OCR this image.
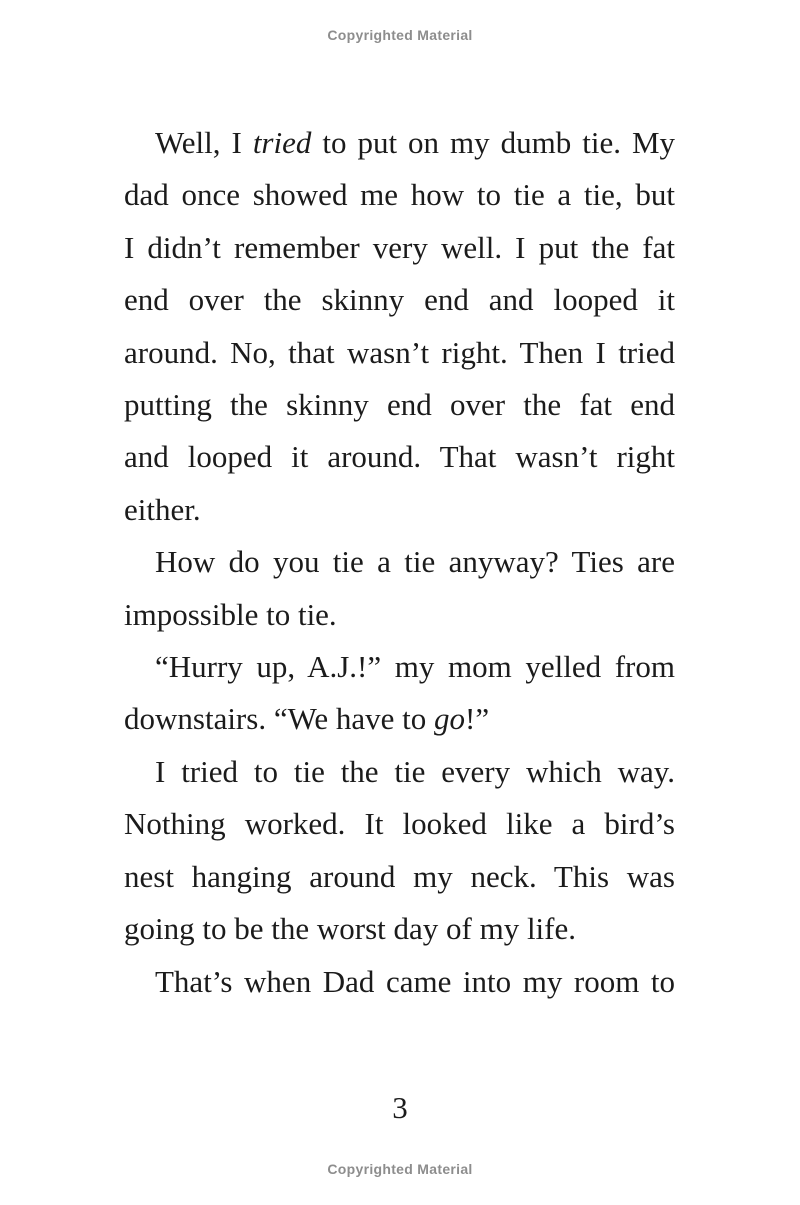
Copyrighted Material
Well, I tried to put on my dumb tie. My
dad once showed me how to tie a tie, but
I didn’t remember very well. I put the fat
end over the skinny end and looped it
around. No, that wasn’t right. Then I tried
putting the skinny end over the fat end
and looped it around. That wasn’t right
either.
How do you tie a tie anyway? Ties are
impossible to tie.
“Hurry up, A.J.!” my mom yelled from
downstairs. “We have to go!”
I tried to tie the tie every which way.
Nothing worked. It looked like a bird’s
nest hanging around my neck. This was
going to be the worst day of my life.
That’s when Dad came into my room to
3
Copyrighted Material
